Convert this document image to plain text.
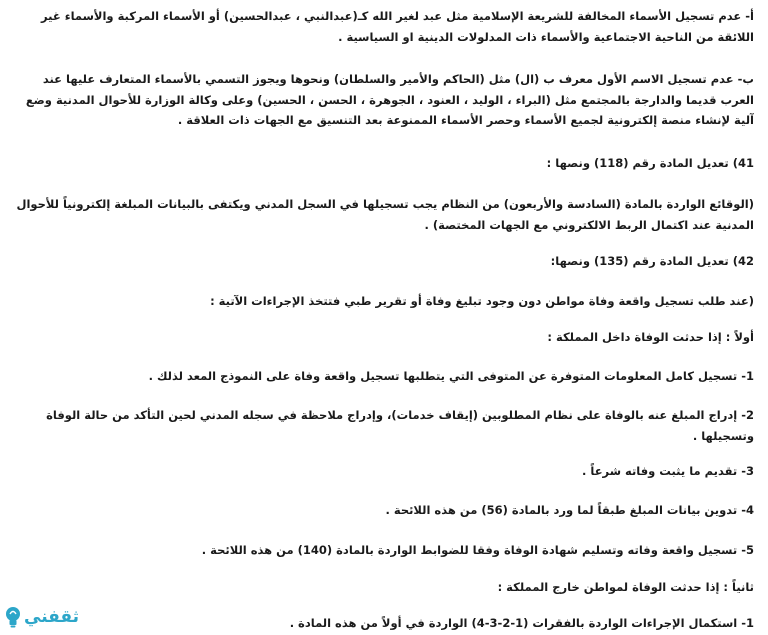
أ- عدم تسجيل الأسماء المخالفة للشريعة الإسلامية مثل عبد لغير الله كـ(عبدالنبي ، عبدالحسين) أو الأسماء المركبة والأسماء غير
اللائقة من الناحية الاجتماعية والأسماء ذات المدلولات الدينية او السياسية .

ب- عدم تسجيل الاسم الأول معرف ب (ال) مثل (الحاكم والأمير والسلطان) ونحوها ويجوز التسمي بالأسماء المتعارف عليها عند
العرب قديما والدارجة بالمجتمع مثل (البراء ، الوليد ، العنود ، الجوهرة ، الحسن ، الحسين) وعلى وكالة الوزارة للأحوال المدنية وضع
آلية لإنشاء منصة إلكترونية لجميع الأسماء وحصر الأسماء الممنوعة بعد التنسيق مع الجهات ذات العلاقة .

41) تعديل المادة رقم (118) ونصها :

(الوقائع الواردة بالمادة (السادسة والأربعون) من النظام يجب تسجيلها في السجل المدني ويكتفى بالبيانات المبلغة إلكترونياً للأحوال
المدنية عند اكتمال الربط الالكتروني مع الجهات المختصة) .

42) تعديل المادة رقم (135) ونصها:

(عند طلب تسجيل واقعة وفاة مواطن دون وجود تبليغ وفاة أو تقرير طبي فتتخذ الإجراءات الآتية :

أولاً : إذا حدثت الوفاة داخل المملكة :

1- تسجيل كامل المعلومات المتوفرة عن المتوفى التي يتطلبها تسجيل واقعة وفاة على النموذج المعد لذلك .

2- إدراج المبلغ عنه بالوفاة على نظام المطلوبين (إيقاف خدمات)، وإدراج ملاحظة في سجله المدني لحين التأكد من حالة الوفاة
وتسجيلها .

3- تقديم ما يثبت وفاته شرعاً .

4- تدوين بيانات المبلغ طبقاً لما ورد بالمادة (56) من هذه اللائحة .

5- تسجيل واقعة وفاته وتسليم شهادة الوفاة وفقا للضوابط الواردة بالمادة (140) من هذه اللائحة .

ثانياً : إذا حدثت الوفاة لمواطن خارج المملكة :

1- استكمال الإجراءات الواردة بالفقرات (1-2-3-4) الواردة في أولاً من هذه المادة .

ثقفني
